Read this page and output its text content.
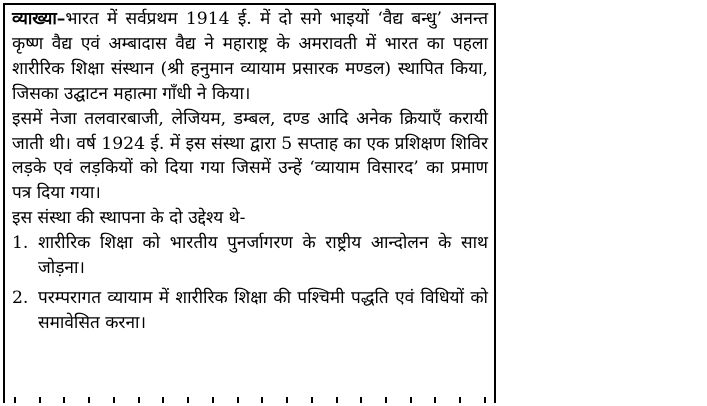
व्याख्या–भारत में सर्वप्रथम 1914 ई. में दो सगे भाइयों ‘वैद्य बन्धु’ अनन्त कृष्ण वैद्य एवं अम्बादास वैद्य ने महाराष्ट्र के अमरावती में भारत का पहला शारीरिक शिक्षा संस्थान (श्री हनुमान व्यायाम प्रसारक मण्डल) स्थापित किया, जिसका उद्घाटन महात्मा गाँधी ने किया।

इसमें नेजा तलवारबाजी, लेजियम, डम्बल, दण्ड आदि अनेक क्रियाएँ करायी जाती थी। वर्ष 1924 ई. में इस संस्था द्वारा 5 सप्ताह का एक प्रशिक्षण शिविर लड़के एवं लड़कियों को दिया गया जिसमें उन्हें ‘व्यायाम विसारद’ का प्रमाण पत्र दिया गया।

इस संस्था की स्थापना के दो उद्देश्य थे-

1. शारीरिक शिक्षा को भारतीय पुनर्जागरण के राष्ट्रीय आन्दोलन के साथ जोड़ना।
2. परम्परागत व्यायाम में शारीरिक शिक्षा की पश्चिमी पद्धति एवं विधियों को समावेसित करना।
